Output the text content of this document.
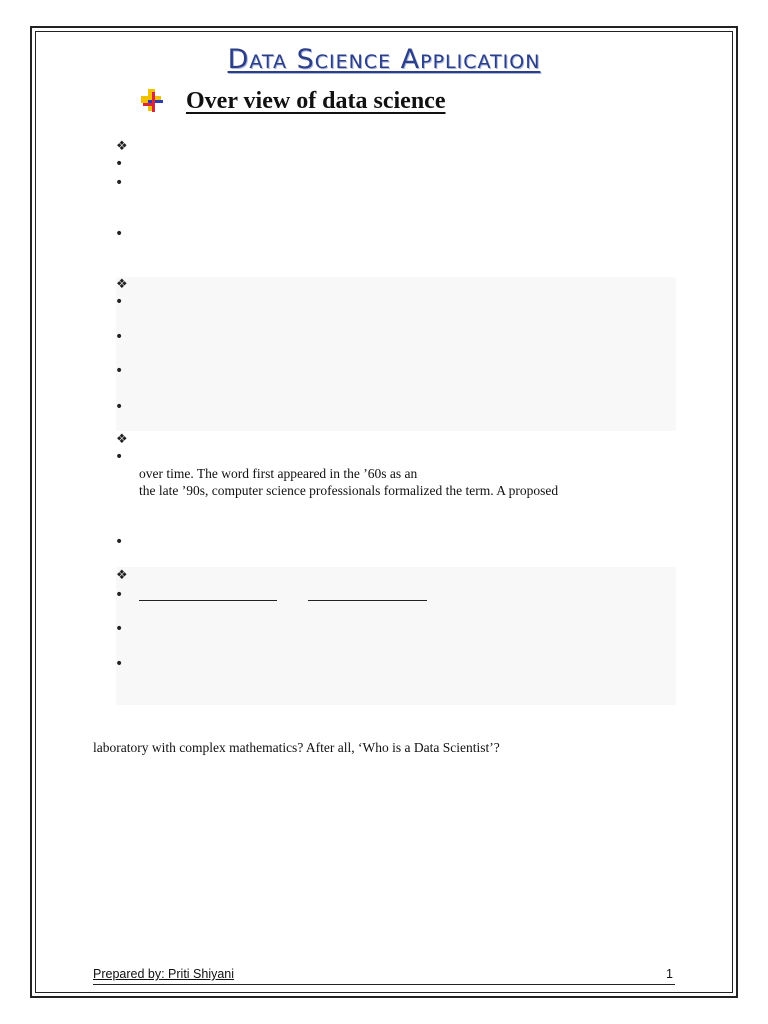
Data Science Application
Over view of data science
❖
•
•
•
❖
•
•
•
•
❖
•
over time. The word first appeared in the ’60s as an
the late ’90s, computer science professionals formalized the term. A proposed
•
❖
•
•
•
laboratory with complex mathematics? After all, ‘Who is a Data Scientist’?
Prepared by: Priti Shiyani	1
